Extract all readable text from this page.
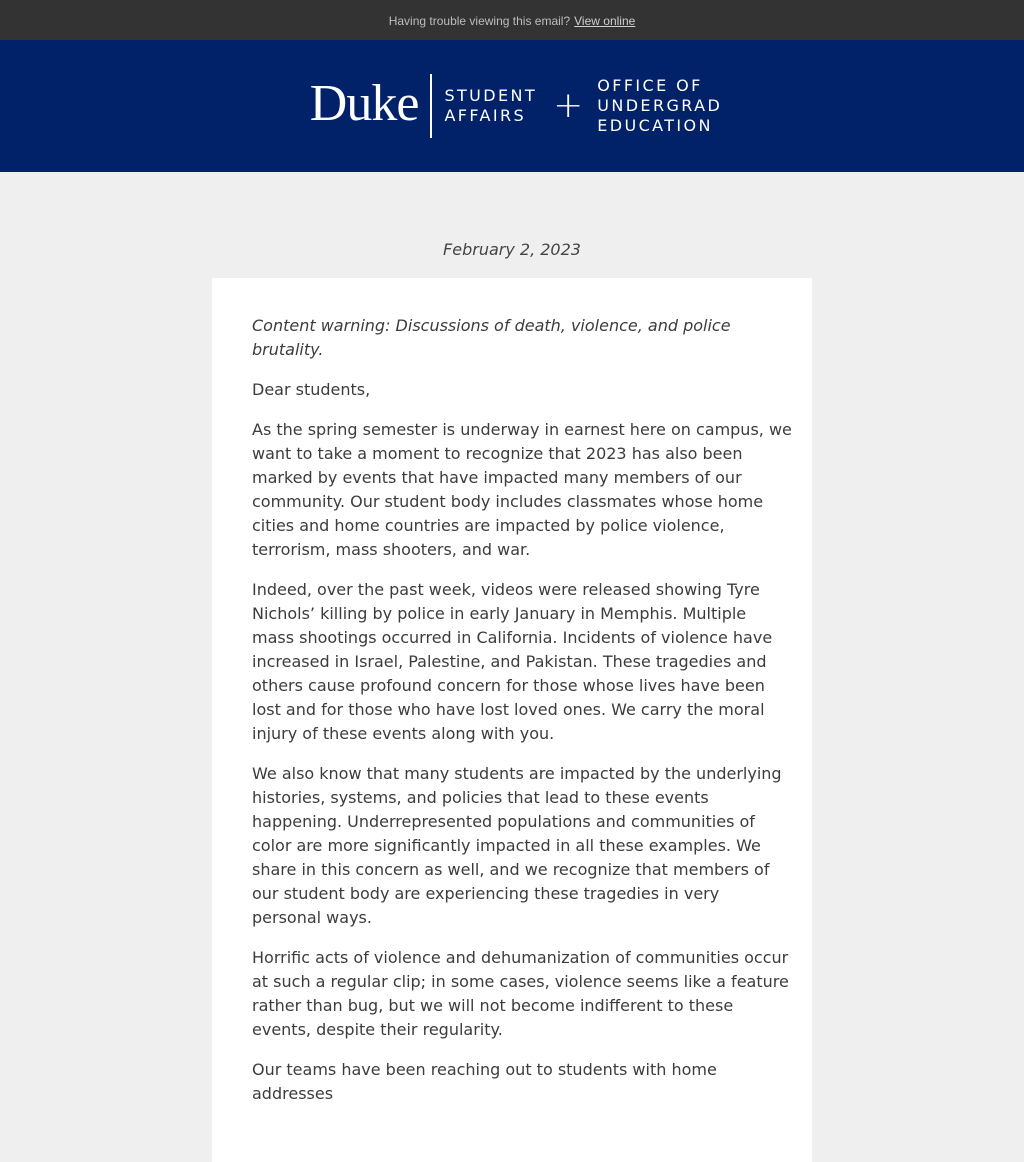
Having trouble viewing this email? View online
Duke STUDENT
AFFAIRS + OFFICE OF
UNDERGRAD
EDUCATION
February 2, 2023

Content warning: Discussions of death, violence, and police brutality.

Dear students,

As the spring semester is underway in earnest here on campus, we want to take a moment to recognize that 2023 has also been marked by events that have impacted many members of our community. Our student body includes classmates whose home cities and home countries are impacted by police violence, terrorism, mass shooters, and war.

Indeed, over the past week, videos were released showing Tyre Nichols’ killing by police in early January in Memphis. Multiple mass shootings occurred in California. Incidents of violence have increased in Israel, Palestine, and Pakistan. These tragedies and others cause profound concern for those whose lives have been lost and for those who have lost loved ones. We carry the moral injury of these events along with you.

We also know that many students are impacted by the underlying histories, systems, and policies that lead to these events happening. Underrepresented populations and communities of color are more significantly impacted in all these examples. We share in this concern as well, and we recognize that members of our student body are experiencing these tragedies in very personal ways.

Horrific acts of violence and dehumanization of communities occur at such a regular clip; in some cases, violence seems like a feature rather than bug, but we will not become indifferent to these events, despite their regularity.

Our teams have been reaching out to students with home addresses
